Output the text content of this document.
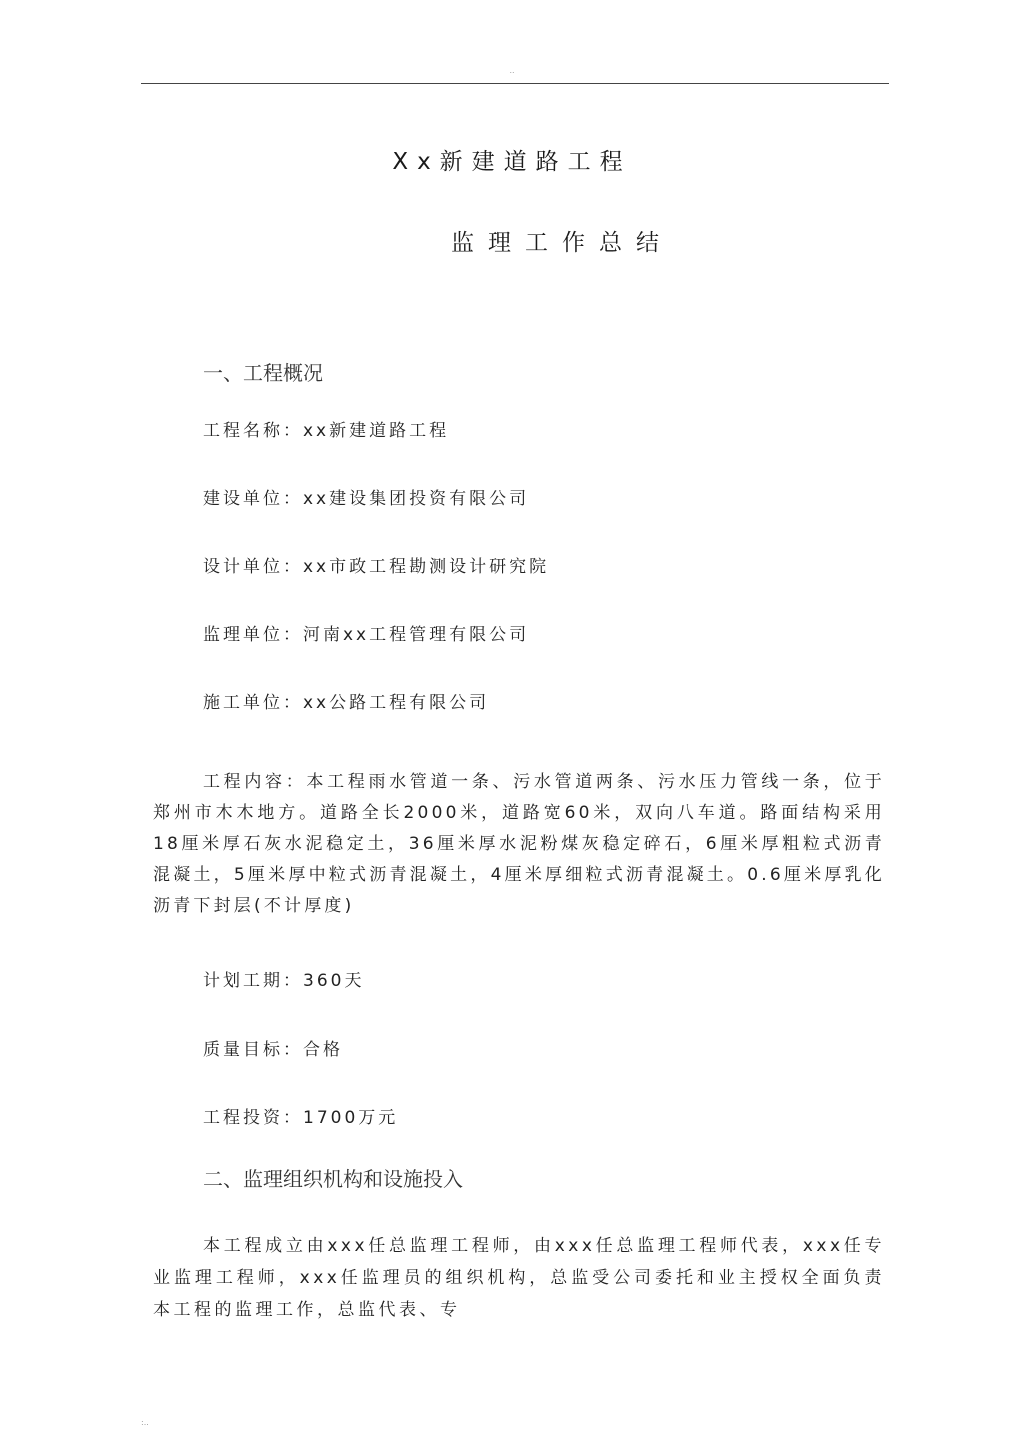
..
Xx新建道路工程
监理工作总结
一、工程概况
工程名称：xx新建道路工程
建设单位：xx建设集团投资有限公司
设计单位：xx市政工程勘测设计研究院
监理单位：河南xx工程管理有限公司
施工单位：xx公路工程有限公司
工程内容：本工程雨水管道一条、污水管道两条、污水压力管线一条，位于郑州市木木地方。道路全长2000米，道路宽60米，双向八车道。路面结构采用18厘米厚石灰水泥稳定土，36厘米厚水泥粉煤灰稳定碎石，6厘米厚粗粒式沥青混凝土，5厘米厚中粒式沥青混凝土，4厘米厚细粒式沥青混凝土。0.6厘米厚乳化沥青下封层(不计厚度)
计划工期：360天
质量目标：合格
工程投资：1700万元
二、监理组织机构和设施投入
本工程成立由xxx任总监理工程师，由xxx任总监理工程师代表，xxx任专业监理工程师，xxx任监理员的组织机构，总监受公司委托和业主授权全面负责本工程的监理工作，总监代表、专
:..
